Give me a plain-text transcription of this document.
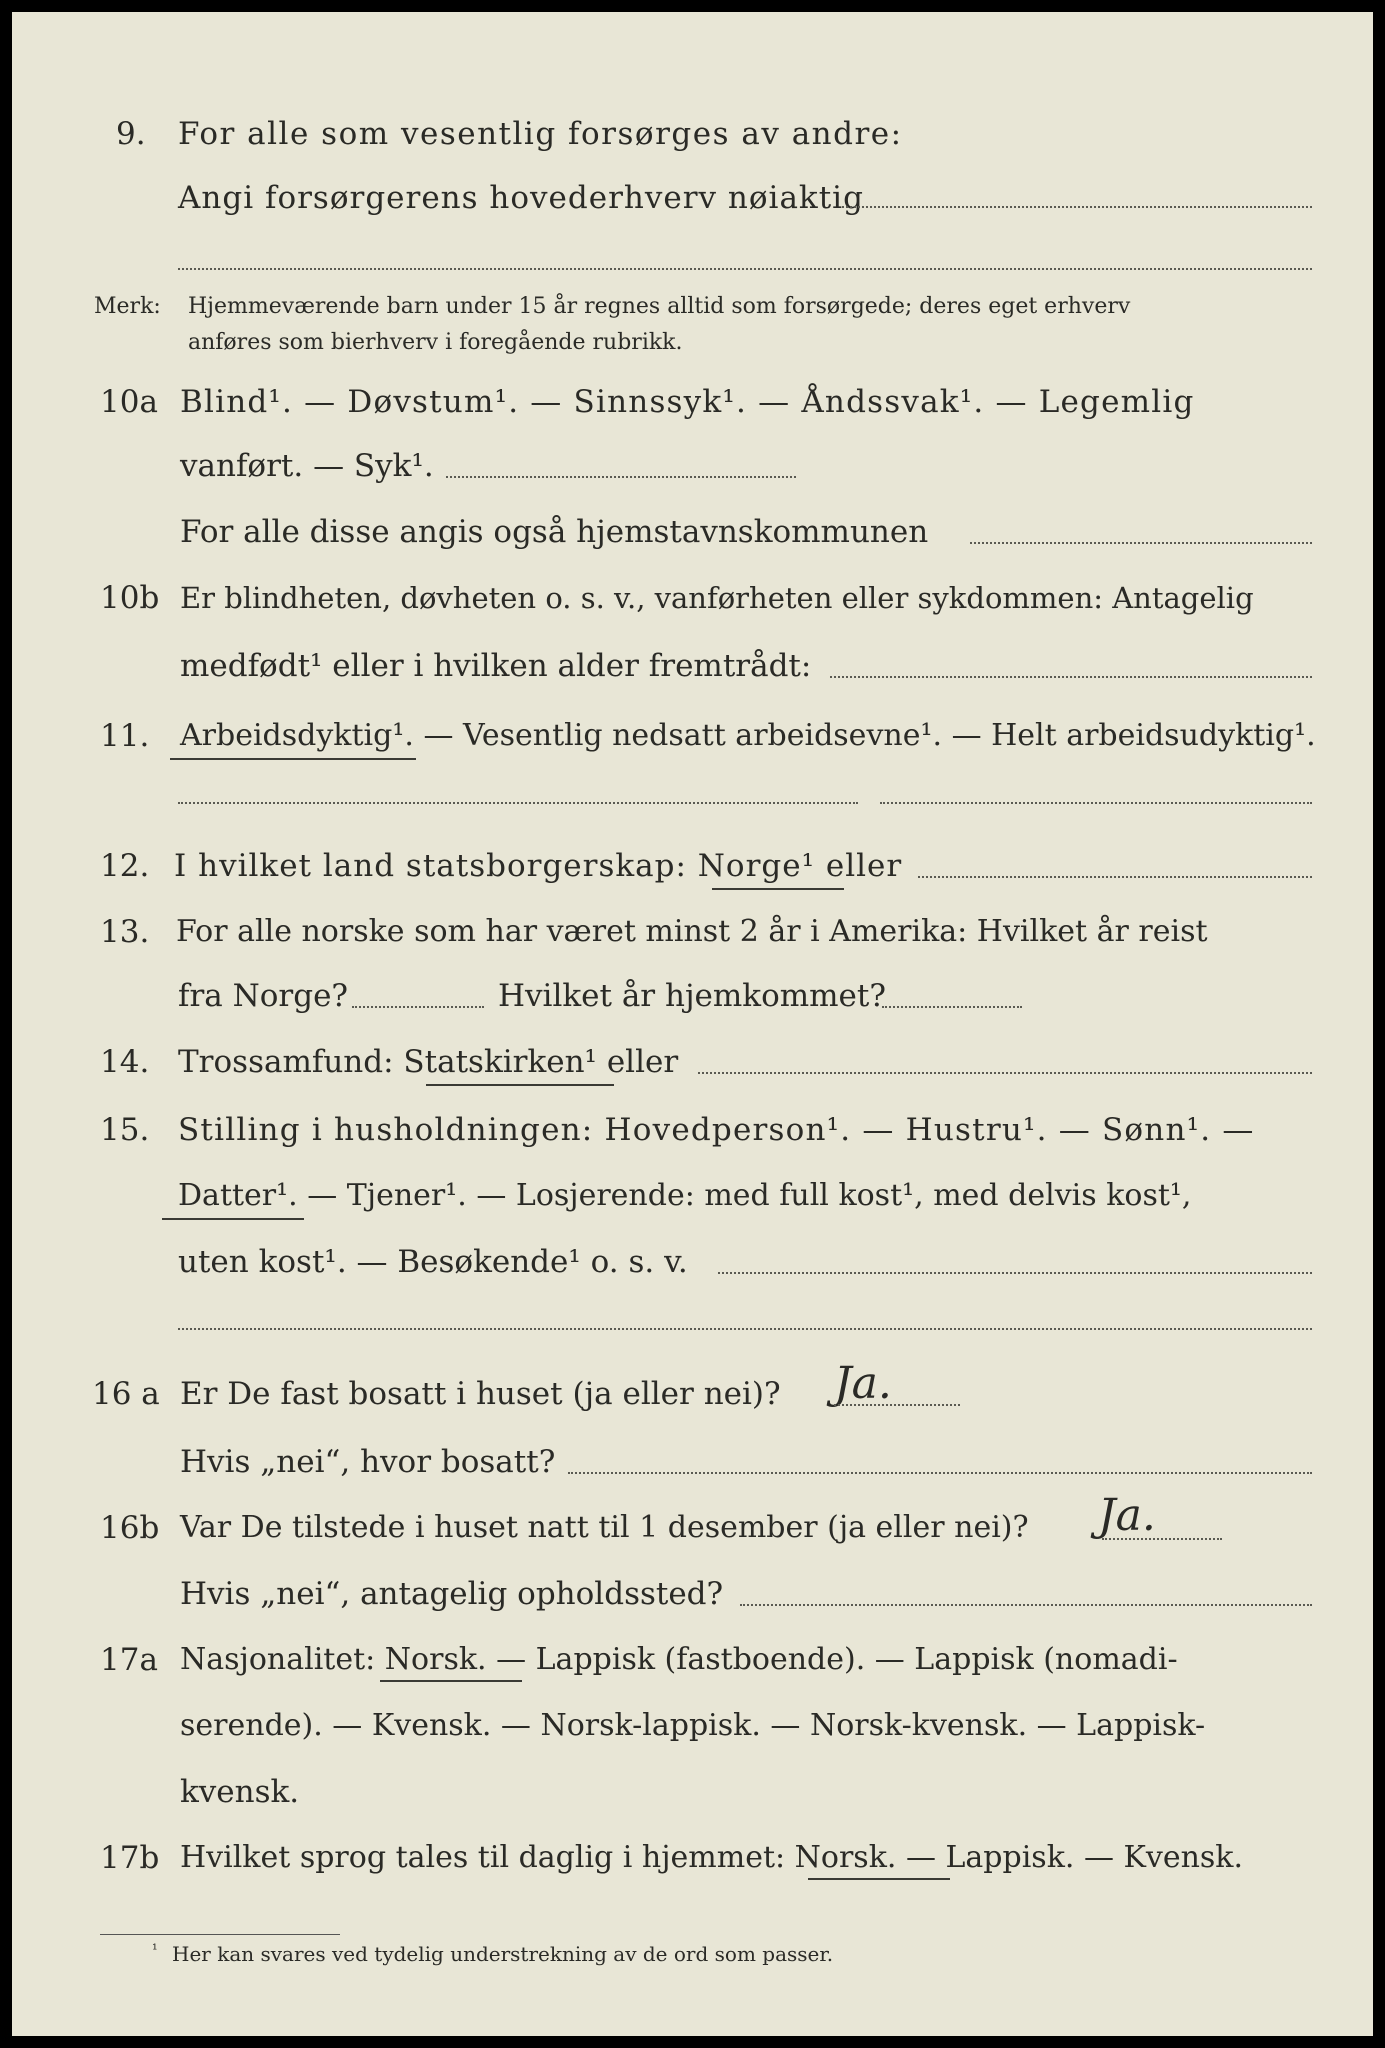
9.	For alle som vesentlig forsørges av andre:
Angi forsørgerens hovederhverv nøiaktig
Merk: Hjemmeværende barn under 15 år regnes alltid som forsørgede; deres eget erhverv
anføres som bierhverv i foregående rubrikk.
10a Blind¹. — Døvstum¹. — Sinnssyk¹. — Åndssvak¹. — Legemlig
vanført. — Syk¹.
For alle disse angis også hjemstavnskommunen
10b Er blindheten, døvheten o. s. v., vanførheten eller sykdommen: Antagelig
medfødt¹ eller i hvilken alder fremtrådt:
11.	Arbeidsdyktig¹. — Vesentlig nedsatt arbeidsevne¹. — Helt arbeidsudyktig¹.
12. I hvilket land statsborgerskap: Norge¹ eller
13. For alle norske som har været minst 2 år i Amerika: Hvilket år reist
fra Norge?	Hvilket år hjemkommet?
14. Trossamfund: Statskirken¹ eller
15. Stilling i husholdningen: Hovedperson¹. — Hustru¹. — Sønn¹. —
Datter¹. — Tjener¹. — Losjerende: med full kost¹, med delvis kost¹,
uten kost¹. — Besøkende¹ o. s. v.
16 a Er De fast bosatt i huset (ja eller nei)? Ja.
Hvis „nei“, hvor bosatt?
16b Var De tilstede i huset natt til 1 desember (ja eller nei)? Ja.
Hvis „nei“, antagelig opholdssted?
17a Nasjonalitet: Norsk. — Lappisk (fastboende). — Lappisk (nomadi-
serende). — Kvensk. — Norsk-lappisk. — Norsk-kvensk. — Lappisk-
kvensk.
17b Hvilket sprog tales til daglig i hjemmet: Norsk. — Lappisk. — Kvensk.
¹ Her kan svares ved tydelig understrekning av de ord som passer.
